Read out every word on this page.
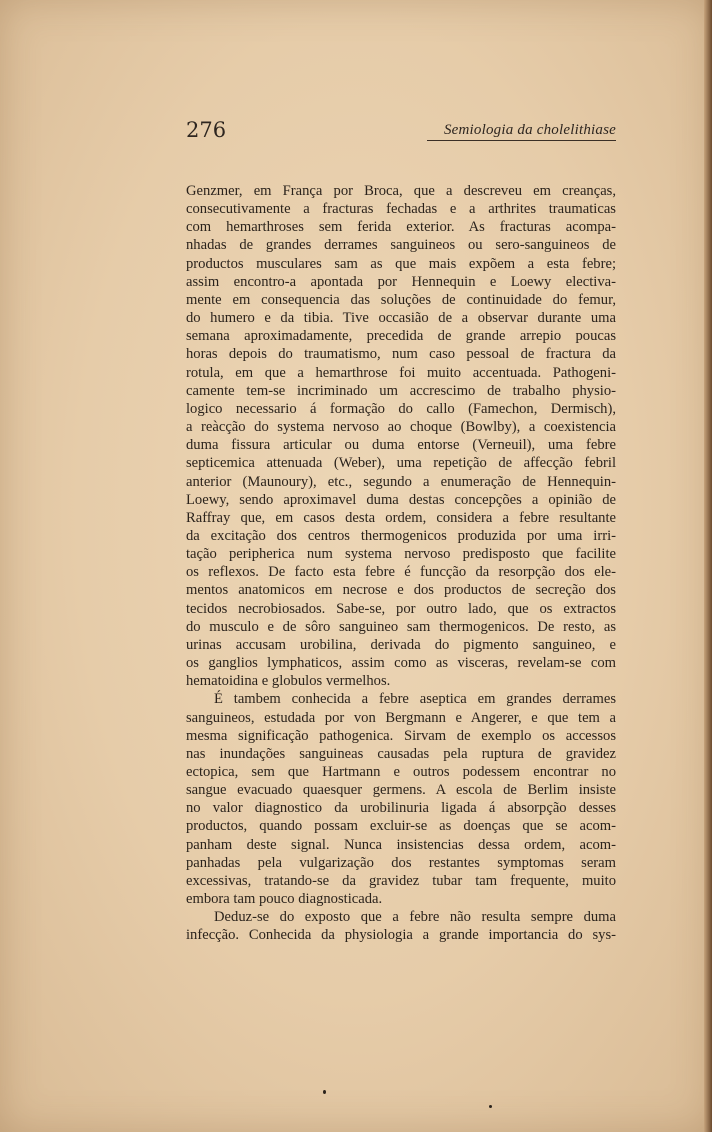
276	Semiologia da cholelithiase
Genzmer, em França por Broca, que a descreveu em creanças,
consecutivamente a fracturas fechadas e a arthrites traumaticas
com hemarthroses sem ferida exterior. As fracturas acompa-
nhadas de grandes derrames sanguineos ou sero-sanguineos de
productos musculares sam as que mais expõem a esta febre;
assim encontro-a apontada por Hennequin e Loewy electiva-
mente em consequencia das soluções de continuidade do femur,
do humero e da tibia. Tive occasião de a observar durante uma
semana aproximadamente, precedida de grande arrepio poucas
horas depois do traumatismo, num caso pessoal de fractura da
rotula, em que a hemarthrose foi muito accentuada. Pathogeni-
camente tem-se incriminado um accrescimo de trabalho physio-
logico necessario á formação do callo (Famechon, Dermisch),
a reàcção do systema nervoso ao choque (Bowlby), a coexistencia
duma fissura articular ou duma entorse (Verneuil), uma febre
septicemica attenuada (Weber), uma repetição de affecção febril
anterior (Maunoury), etc., segundo a enumeração de Hennequin-
Loewy, sendo aproximavel duma destas concepções a opinião de
Raffray que, em casos desta ordem, considera a febre resultante
da excitação dos centros thermogenicos produzida por uma irri-
tação peripherica num systema nervoso predisposto que facilite
os reflexos. De facto esta febre é funcção da resorpção dos ele-
mentos anatomicos em necrose e dos productos de secreção dos
tecidos necrobiosados. Sabe-se, por outro lado, que os extractos
do musculo e de sôro sanguineo sam thermogenicos. De resto, as
urinas accusam urobilina, derivada do pigmento sanguineo, e
os ganglios lymphaticos, assim como as visceras, revelam-se com
hematoidina e globulos vermelhos.
É tambem conhecida a febre aseptica em grandes derrames
sanguineos, estudada por von Bergmann e Angerer, e que tem a
mesma significação pathogenica. Sirvam de exemplo os accessos
nas inundações sanguineas causadas pela ruptura de gravidez
ectopica, sem que Hartmann e outros podessem encontrar no
sangue evacuado quaesquer germens. A escola de Berlim insiste
no valor diagnostico da urobilinuria ligada á absorpção desses
productos, quando possam excluir-se as doenças que se acom-
panham deste signal. Nunca insistencias dessa ordem, acom-
panhadas pela vulgarização dos restantes symptomas seram
excessivas, tratando-se da gravidez tubar tam frequente, muito
embora tam pouco diagnosticada.
Deduz-se do exposto que a febre não resulta sempre duma
infecção. Conhecida da physiologia a grande importancia do sys-
